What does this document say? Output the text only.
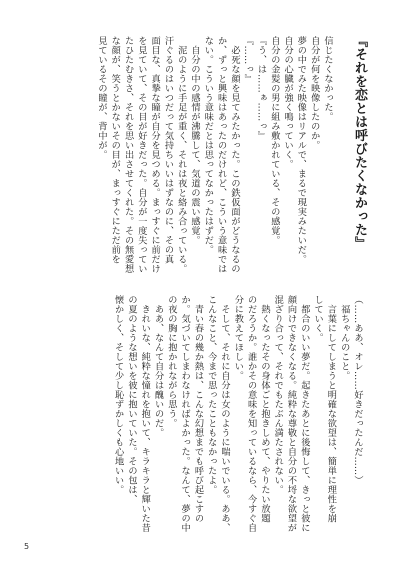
『それを恋とは呼びたくなかった』

信じたくなかった。

自分が何を映像したのか。

夢の中でみた映像はリアルで、まるで現実みたいだ。

自分の心臓が強く鳴っていく。

自分の金髪の男に組み敷かれている、その感覚。

『う、は……ぁ……っ』

『……っ』

　必死な顔を見てみたかった。この鉄仮面がどうなるの

か、ずっと興味はあったのだけれど、こういう意味では

ない。こういう意味だとは思ってなかったはずだ。

　自分の中の感情が沸騰して、気道の震い感覚。

　泥のように手足が重く、それは夜と絡み合っている。

汗ぐるのはいつだって気持ちいいはずなのに、その真

面目な、真摯な瞳が自分を見つめる。まっすぐに前だけ

を見ていて、その目が好きだった。自分が一度失ってい

たひたむきさ、それを思い出させてくれた。その無愛想

な顔が、笑うとかないその目が、まっすぐにただ前を

見ているその瞳が、背中が。

（……ああ、オレ……好きだったんだ……）

　福ちゃんのこと。

　言葉にしてしまうと明確な欲望は、簡単に理性を崩

していく。

　都合のいい夢だ。起きたあとに後悔して、きっと彼に

顔向けできなくなる。純粋な尊敬と自分の不埒な欲望が

混ざり合って、それでもたぶん満たされない。

　熱くなったその身体ごと抱きしめて、やりたい放題

のだろうか。誰かその意味を知っているなら、今すぐ自

分に教えてほしい。

　そして、それに自分は女のように喘いでいる。ああ、

こんなこと、今まで思ったこともなかったよ。

　青い春の幾か熱は、こんな幻想までも呼び起こすの

か。気づいてしまわなければよかった。なんて、夢の中

の夜の胸に抱かれながら思う。

　ああ、なんて自分は醜いのだ。

　きれいな、純粋な憧れを抱いて、キラキラと輝いた昔

の夏のような想いを彼に抱いていた。その包は、

懐かしく、そして少し恥ずかしくも心地いい。

5
